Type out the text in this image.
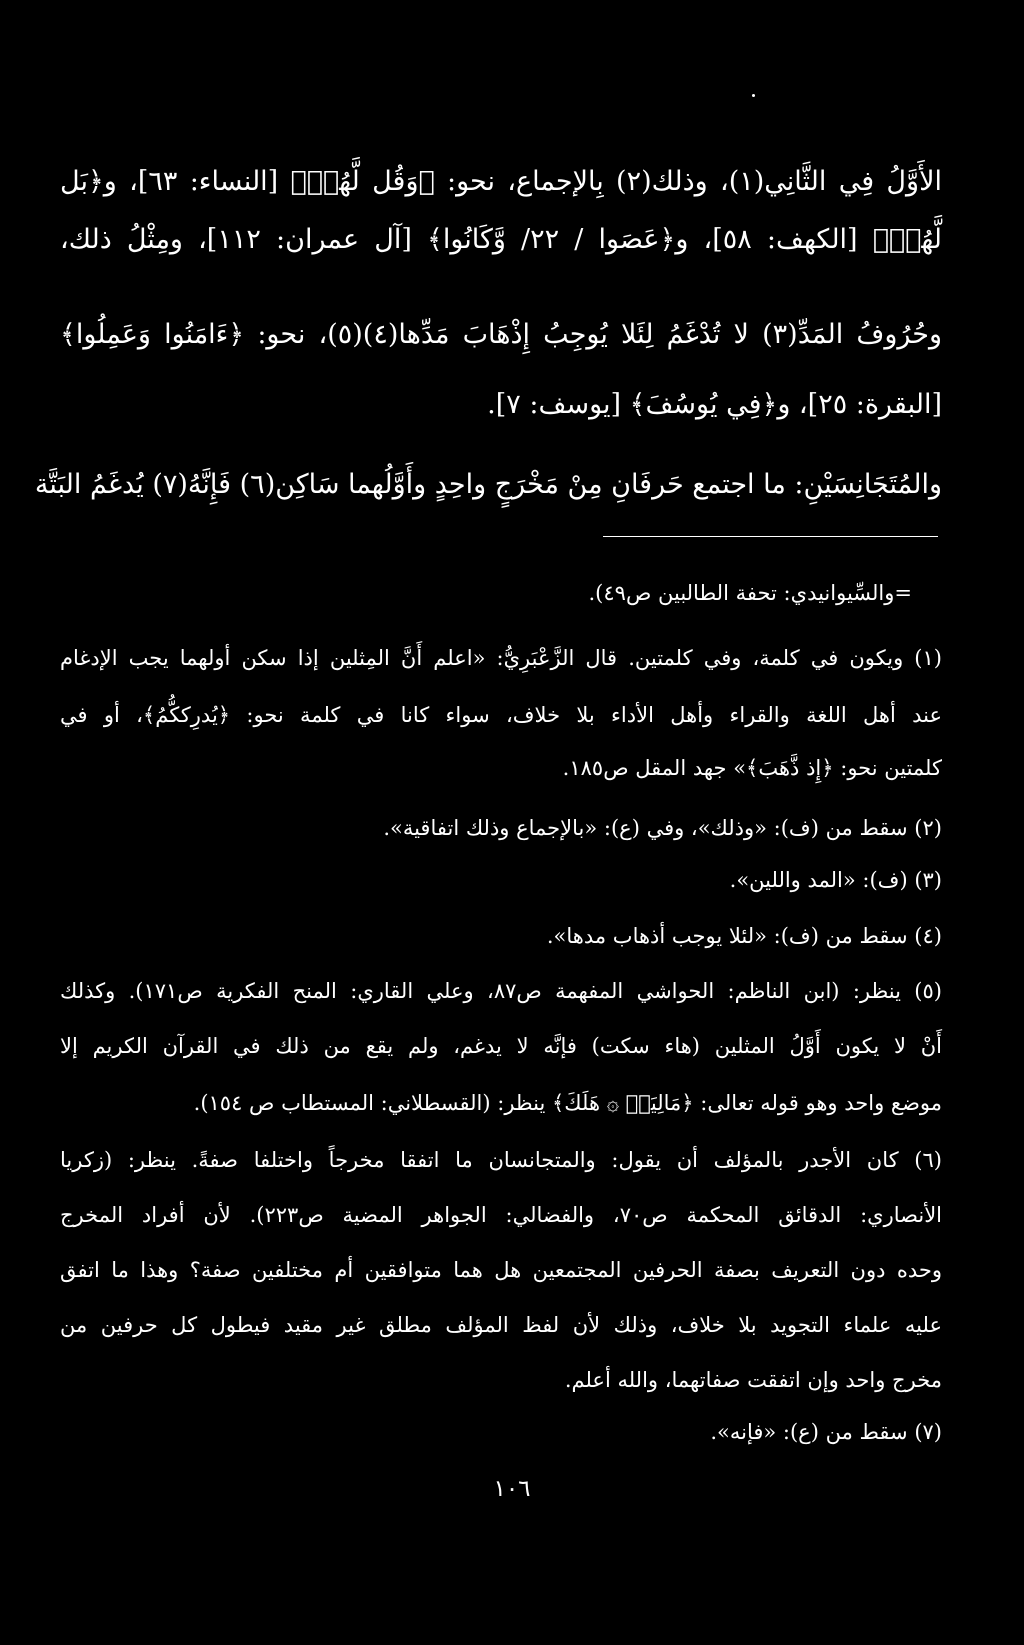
الأَوَّلُ فِي الثَّانِي(١)، وذلك(٢) بِالإجماع، نحو: ﴿وَقُل لَّهُمۡ﴾ [النساء: ٦٣]، و﴿بَل
لَّهُمۡ﴾ [الكهف: ٥٨]، و﴿عَصَوا / ٢٢/ وَّكَانُوا﴾ [آل عمران: ١١٢]، ومِثْلُ ذلك،
وحُرُوفُ المَدِّ(٣) لا تُدْغَمُ لِئَلا يُوجِبُ إِذْهَابَ مَدِّها(٤)(٥)، نحو: ﴿ءَامَنُوا وَعَمِلُوا﴾
[البقرة: ٢٥]، و﴿فِي يُوسُفَ﴾ [يوسف: ٧].
والمُتَجَانِسَيْنِ: ما اجتمع حَرفَانِ مِنْ مَخْرَجٍ واحِدٍ وأَوَّلُهما سَاكِن(٦) فَإِنَّهُ(٧) يُدغَمُ البَتَّة
=والسِّيوانيدي: تحفة الطالبين ص٤٩).
(١) ويكون في كلمة، وفي كلمتين. قال الزَّعْبَرِيُّ: «اعلم أَنَّ المِثلين إذا سكن أولهما يجب الإدغام
عند أهل اللغة والقراء وأهل الأداء بلا خلاف، سواء كانا في كلمة نحو: ﴿يُدرِككُّمُ﴾، أو في
كلمتين نحو: ﴿إِذ ذَّهَبَ﴾» جهد المقل ص١٨٥.
(٢) سقط من (ف): «وذلك»، وفي (ع): «بالإجماع وذلك اتفاقية».
(٣) (ف): «المد واللين».
(٤) سقط من (ف): «لئلا يوجب أذهاب مدها».
(٥) ينظر: (ابن الناظم: الحواشي المفهمة ص٨٧، وعلي القاري: المنح الفكرية ص١٧١). وكذلك
أَنْ لا يكون أَوَّلُ المثلين (هاء سكت) فإنَّه لا يدغم، ولم يقع من ذلك في القرآن الكريم إلا
موضع واحد وهو قوله تعالى: ﴿مَالِيَهۡ ۞ هَلَكَ﴾ ينظر: (القسطلاني: المستطاب ص ١٥٤).
(٦) كان الأجدر بالمؤلف أن يقول: والمتجانسان ما اتفقا مخرجاً واختلفا صفةً. ينظر: (زكريا
الأنصاري: الدقائق المحكمة ص٧٠، والفضالي: الجواهر المضية ص٢٢٣). لأن أفراد المخرج
وحده دون التعريف بصفة الحرفين المجتمعين هل هما متوافقين أم مختلفين صفة؟ وهذا ما اتفق
عليه علماء التجويد بلا خلاف، وذلك لأن لفظ المؤلف مطلق غير مقيد فيطول كل حرفين من
مخرج واحد وإن اتفقت صفاتهما، والله أعلم.
(٧) سقط من (ع): «فإنه».
١٠٦
